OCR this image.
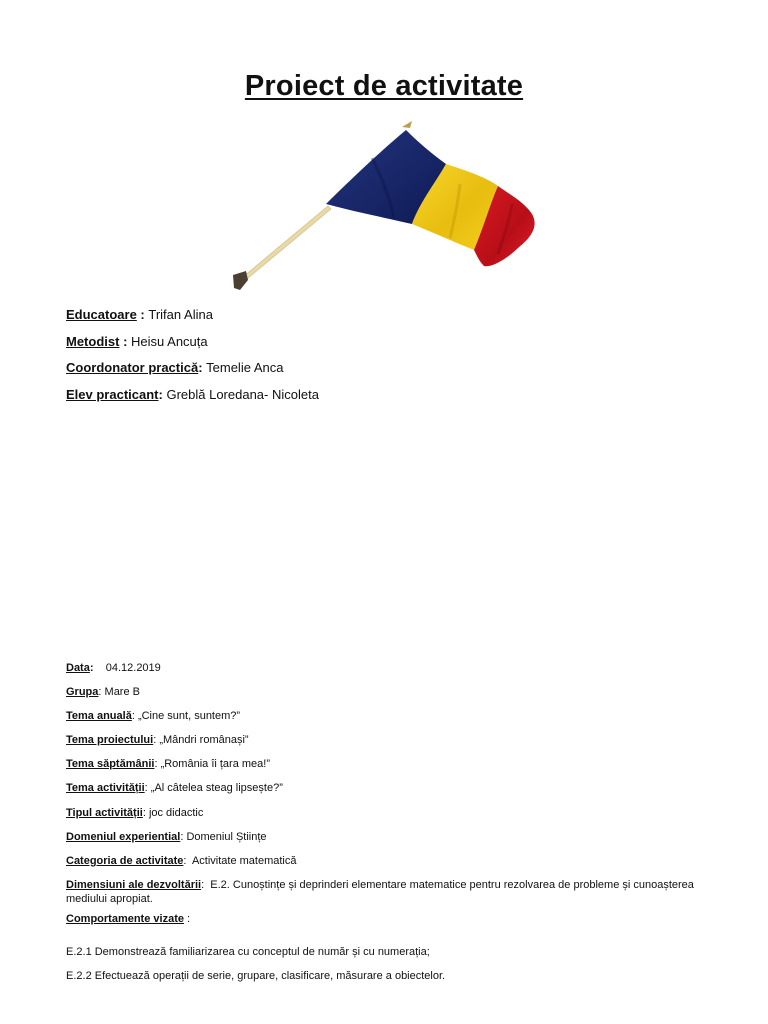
Proiect de activitate
Educatoare : Trifan Alina
Metodist : Heisu Ancuța
Coordonator practică: Temelie Anca
Elev practicant: Greblă Loredana- Nicoleta
Data:    04.12.2019
Grupa: Mare B
Tema anuală: „Cine sunt, suntem?”
Tema proiectului: „Mândri românași”
Tema săptămânii: „România îi țara mea!”
Tema activității: „Al câtelea steag lipsește?”
Tipul activității: joc didactic
Domeniul experiential: Domeniul Științe
Categoria de activitate:  Activitate matematică
Dimensiuni ale dezvoltării:  E.2. Cunoștințe și deprinderi elementare matematice pentru rezolvarea de probleme și cunoașterea mediului apropiat.
Comportamente vizate :
E.2.1 Demonstrează familiarizarea cu conceptul de număr și cu numerația;
E.2.2 Efectuează operații de serie, grupare, clasificare, măsurare a obiectelor.
